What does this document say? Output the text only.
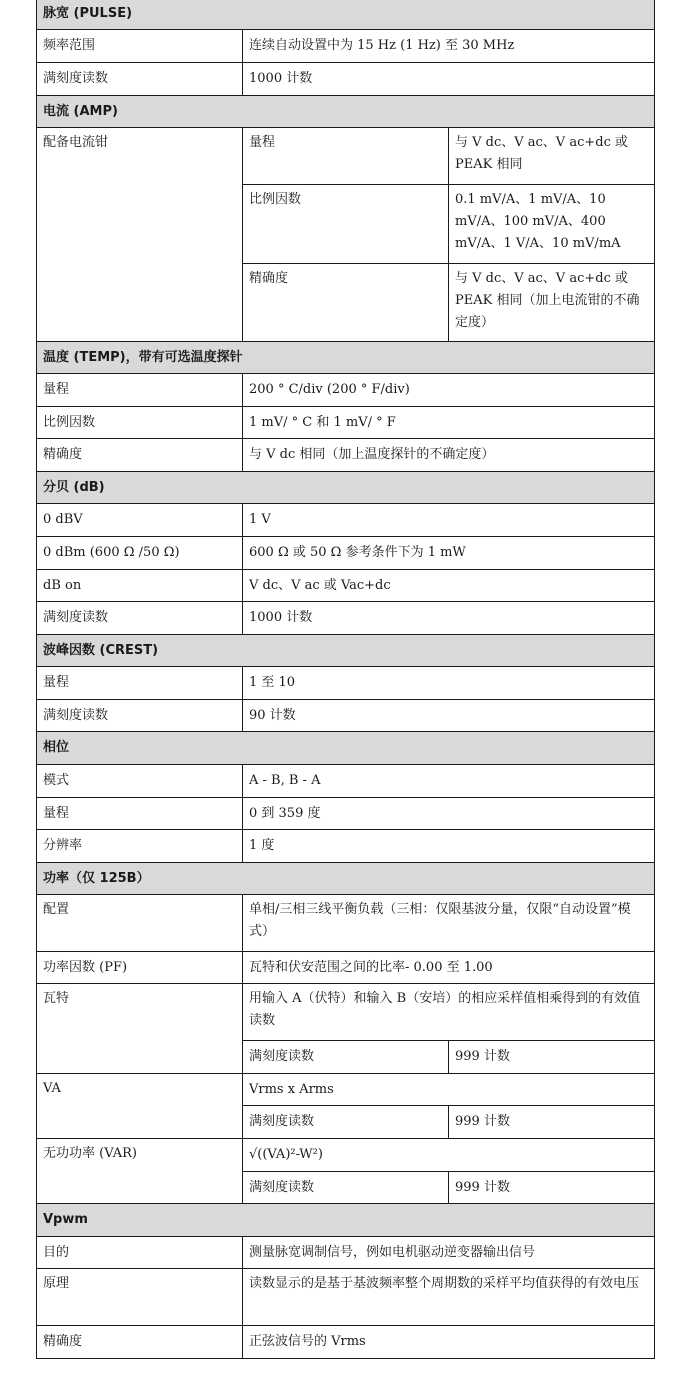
脉宽 (PULSE)		
频率范围	连续自动设置中为 15 Hz (1 Hz) 至 30 MHz	
满刻度读数	1000 计数	
电流 (AMP)		
配备电流钳	量程	与 V dc、V ac、V ac+dc 或 PEAK 相同
	比例因数	0.1 mV/A、1 mV/A、10 mV/A、100 mV/A、400 mV/A、1 V/A、10 mV/mA
	精确度	与 V dc、V ac、V ac+dc 或 PEAK 相同（加上电流钳的不确定度）
温度 (TEMP)，带有可选温度探针		
量程	200 ° C/div (200 ° F/div)	
比例因数	1 mV/ ° C 和 1 mV/ ° F	
精确度	与 V dc 相同（加上温度探针的不确定度）	
分贝 (dB)		
0 dBV	1 V	
0 dBm (600 Ω /50 Ω)	600 Ω 或 50 Ω 参考条件下为 1 mW	
dB on	V dc、V ac 或 Vac+dc	
满刻度读数	1000 计数	
波峰因数 (CREST)		
量程	1 至 10	
满刻度读数	90 计数	
相位		
模式	A - B, B - A	
量程	0 到 359 度	
分辨率	1 度	
功率（仅 125B）		
配置	单相/三相三线平衡负载（三相：仅限基波分量，仅限“自动设置”模式）	
功率因数 (PF)	瓦特和伏安范围之间的比率- 0.00 至 1.00	
瓦特	用输入 A（伏特）和输入 B（安培）的相应采样值相乘得到的有效值读数	
	满刻度读数	999 计数
VA	Vrms x Arms	
	满刻度读数	999 计数
无功功率 (VAR)	√((VA)²-W²)	
	满刻度读数	999 计数
Vpwm		
目的	测量脉宽调制信号，例如电机驱动逆变器输出信号	
原理	读数显示的是基于基波频率整个周期数的采样平均值获得的有效电压	
精确度	正弦波信号的 Vrms	
